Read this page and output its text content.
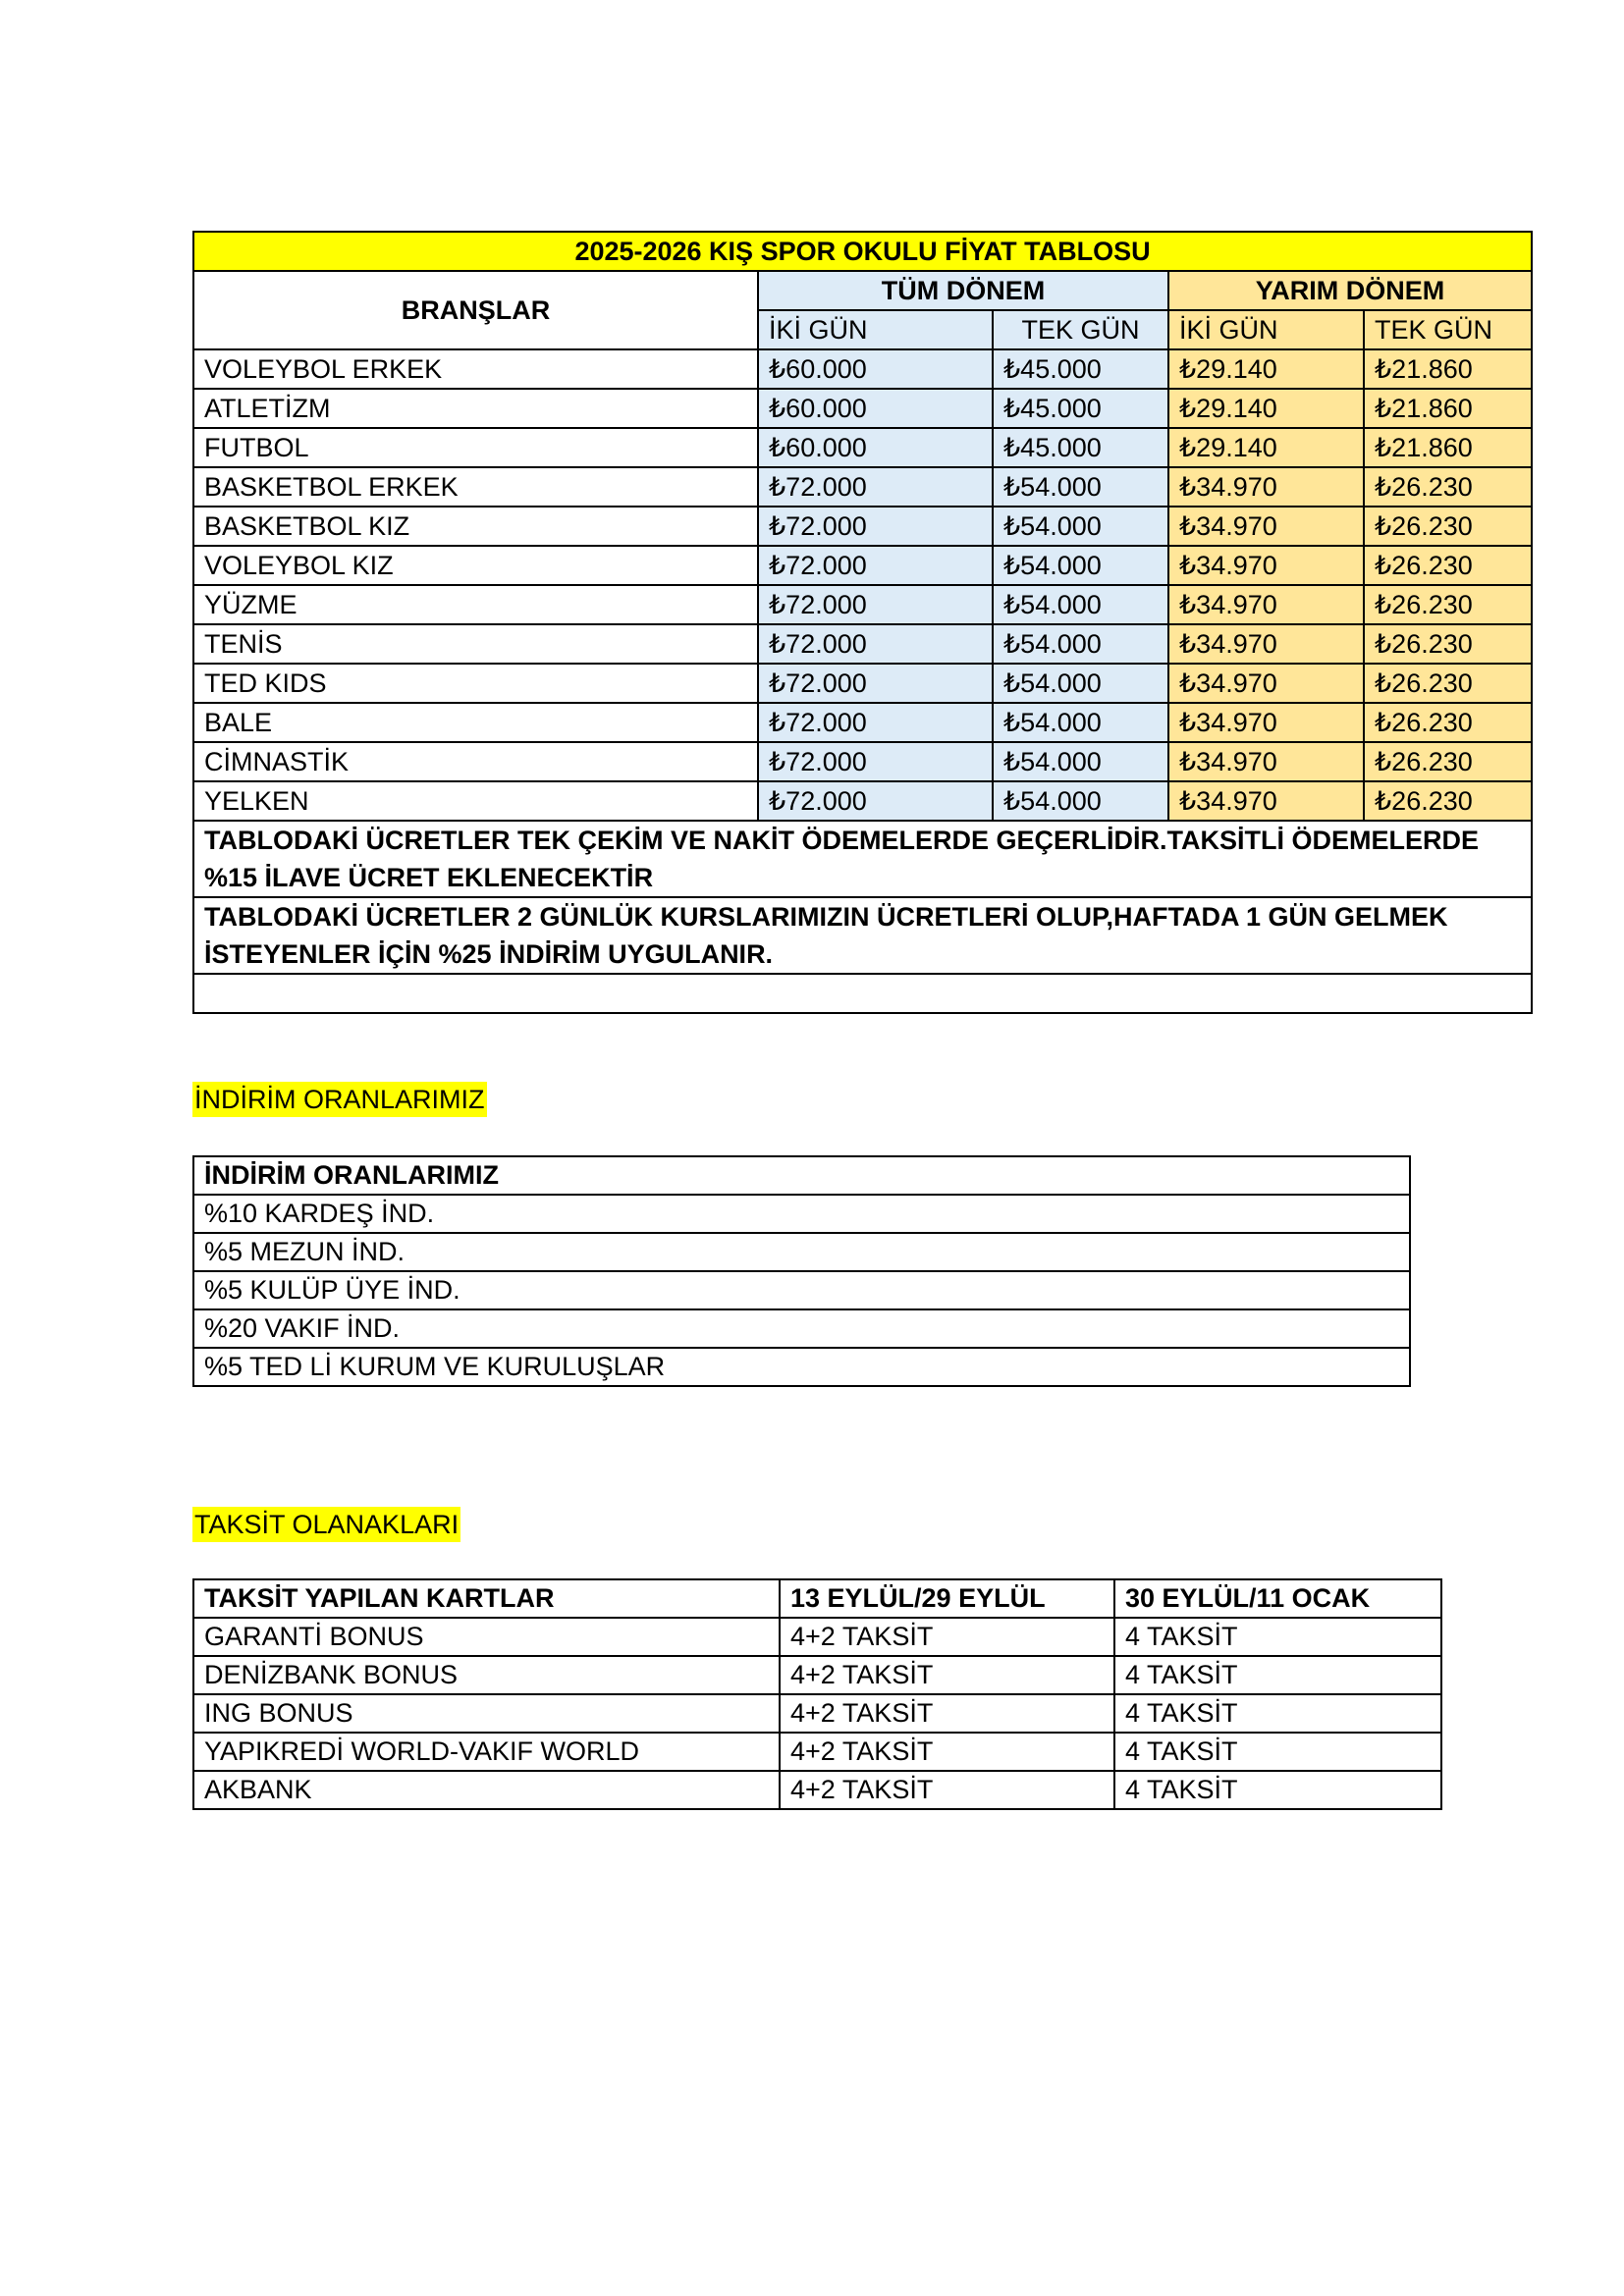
2025-2026 KIŞ SPOR OKULU FİYAT TABLOSU				
BRANŞLAR	TÜM DÖNEM		YARIM DÖNEM	
	İKİ GÜN	TEK GÜN	İKİ GÜN	TEK GÜN
VOLEYBOL ERKEK	₺60.000	₺45.000	₺29.140	₺21.860
ATLETİZM	₺60.000	₺45.000	₺29.140	₺21.860
FUTBOL	₺60.000	₺45.000	₺29.140	₺21.860
BASKETBOL ERKEK	₺72.000	₺54.000	₺34.970	₺26.230
BASKETBOL KIZ	₺72.000	₺54.000	₺34.970	₺26.230
VOLEYBOL KIZ	₺72.000	₺54.000	₺34.970	₺26.230
YÜZME	₺72.000	₺54.000	₺34.970	₺26.230
TENİS	₺72.000	₺54.000	₺34.970	₺26.230
TED KIDS	₺72.000	₺54.000	₺34.970	₺26.230
BALE	₺72.000	₺54.000	₺34.970	₺26.230
CİMNASTİK	₺72.000	₺54.000	₺34.970	₺26.230
YELKEN	₺72.000	₺54.000	₺34.970	₺26.230
TABLODAKİ ÜCRETLER TEK ÇEKİM VE NAKİT ÖDEMELERDE GEÇERLİDİR.TAKSİTLİ ÖDEMELERDE %15 İLAVE ÜCRET EKLENECEKTİR				
TABLODAKİ ÜCRETLER 2 GÜNLÜK KURSLARIMIZIN ÜCRETLERİ OLUP,HAFTADA 1 GÜN GELMEK İSTEYENLER İÇİN %25 İNDİRİM UYGULANIR.				

İNDİRİM ORANLARIMIZ
İNDİRİM ORANLARIMIZ
%10 KARDEŞ İND.
%5 MEZUN İND.
%5 KULÜP ÜYE İND.
%20 VAKIF İND.
%5 TED Lİ KURUM VE KURULUŞLAR
TAKSİT OLANAKLARI
TAKSİT YAPILAN KARTLAR	13 EYLÜL/29 EYLÜL	30 EYLÜL/11 OCAK
GARANTİ BONUS	4+2 TAKSİT	4 TAKSİT
DENİZBANK BONUS	4+2 TAKSİT	4 TAKSİT
ING BONUS	4+2 TAKSİT	4 TAKSİT
YAPIKREDİ WORLD-VAKIF WORLD	4+2 TAKSİT	4 TAKSİT
AKBANK	4+2 TAKSİT	4 TAKSİT
